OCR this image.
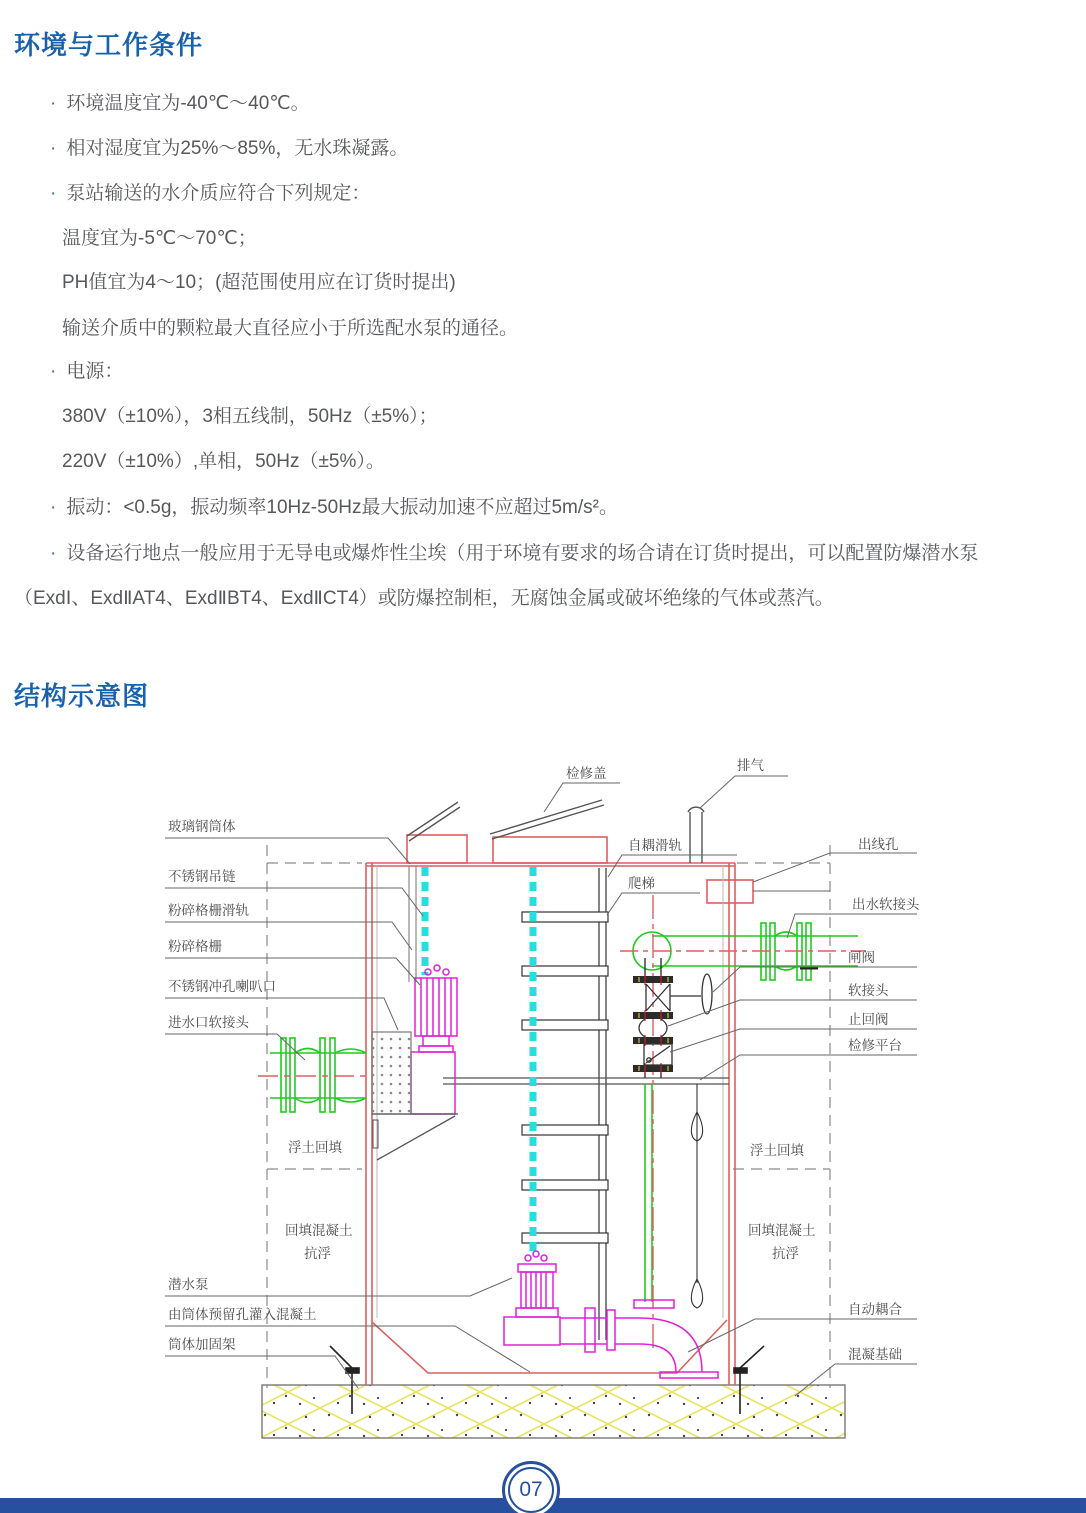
环境与工作条件
· 环境温度宜为-40℃～40℃。
· 相对湿度宜为25%～85%，无水珠凝露。
· 泵站输送的水介质应符合下列规定：
温度宜为-5℃～70℃；
PH值宜为4～10；(超范围使用应在订货时提出)
输送介质中的颗粒最大直径应小于所选配水泵的通径。
· 电源：
380V（±10%），3相五线制，50Hz（±5%）；
220V（±10%）,单相，50Hz（±5%）。
· 振动：<0.5g，振动频率10Hz-50Hz最大振动加速不应超过5m/s²。
· 设备运行地点一般应用于无导电或爆炸性尘埃（用于环境有要求的场合请在订货时提出，可以配置防爆潜水泵
（ExdⅠ、ExdⅡAT4、ExdⅡBT4、ExdⅡCT4）或防爆控制柜，无腐蚀金属或破坏绝缘的气体或蒸汽。
结构示意图
玻璃钢筒体
不锈钢吊链
粉碎格栅滑轨
粉碎格栅
不锈钢冲孔喇叭口
进水口软接头
浮土回填
回填混凝土
抗浮
潜水泵
由筒体预留孔灌入混凝土
筒体加固架
检修盖
排气
自耦滑轨
爬梯
出线孔
出水软接头
闸阀
软接头
止回阀
检修平台
浮土回填
回填混凝土
抗浮
自动耦合
混凝基础
07
